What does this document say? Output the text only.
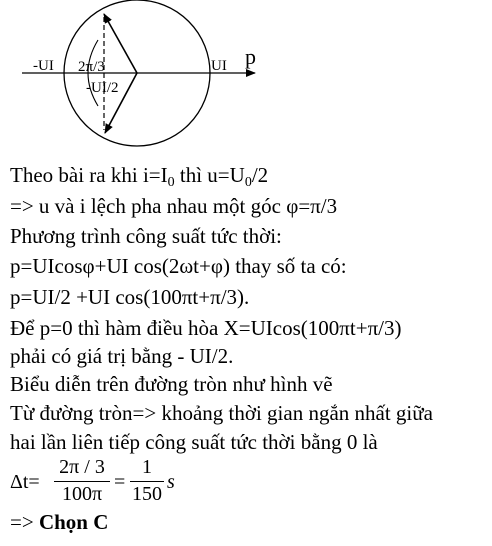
-UI 2π/3
-UI/2
UI p
Theo bài ra khi $i=I_0$ thì $u=U_0/2$
=> u và i lệch pha nhau một góc φ=π/3
Phương trình công suất tức thời:
p=UIcosφ+UI cos(2ωt+φ) thay số ta có:
p=UI/2 +UI cos(100πt+π/3).
Để p=0 thì hàm điều hòa X=UIcos(100πt+π/3)
phải có giá trị bằng - UI/2.
Biểu diễn trên đường tròn như hình vẽ
Từ đường tròn=> khoảng thời gian ngắn nhất giữa
hai lần liên tiếp công suất tức thời bằng 0 là
Δt=
2π / 3
100π
=
1
150
s
=> Chọn C
